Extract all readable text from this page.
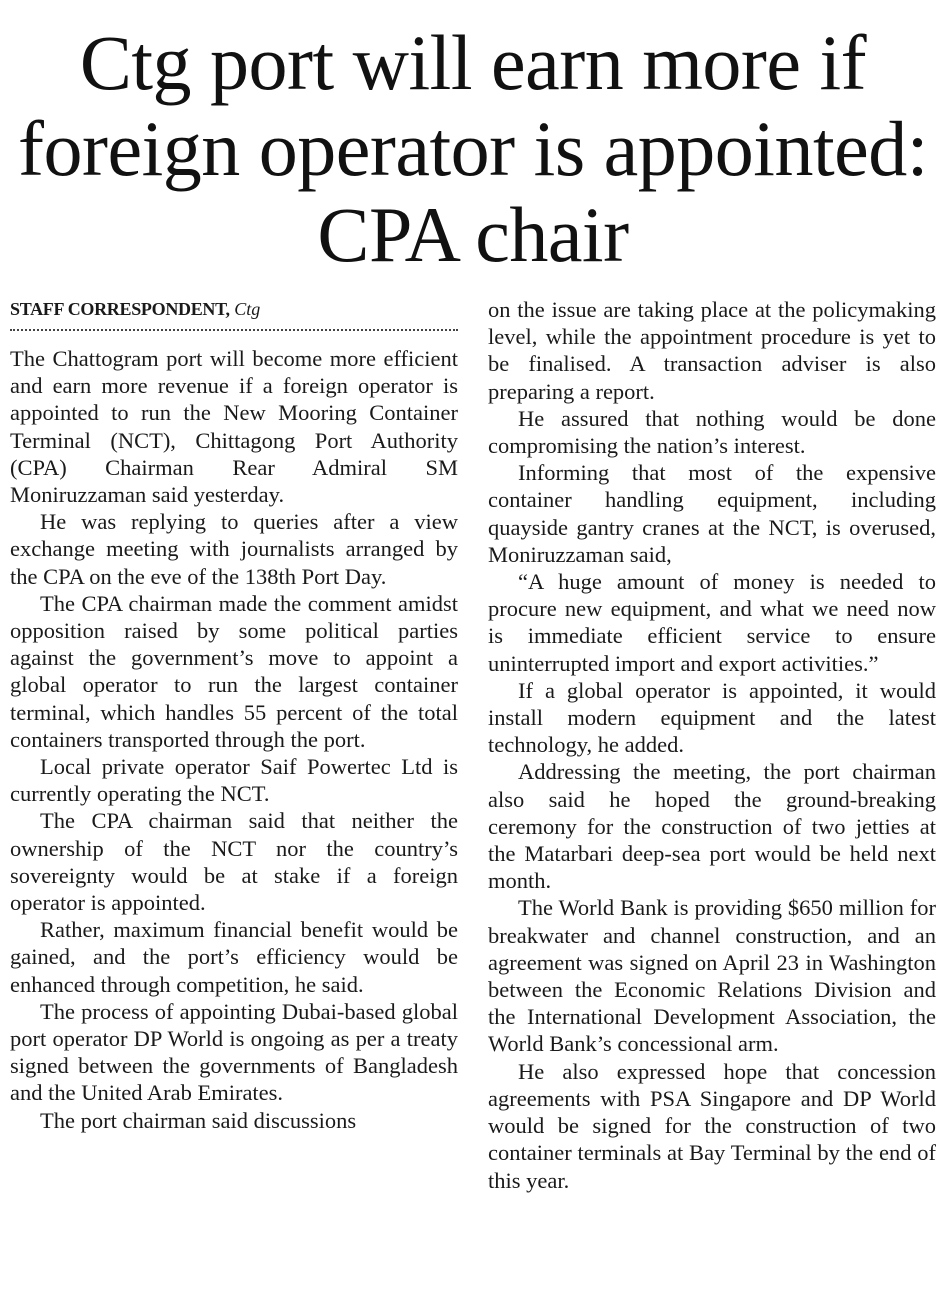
Ctg port will earn more if foreign operator is appointed: CPA chair
STAFF CORRESPONDENT, Ctg

The Chattogram port will become more efficient and earn more revenue if a foreign operator is appointed to run the New Mooring Container Terminal (NCT), Chittagong Port Authority (CPA) Chairman Rear Admiral SM Moniruzzaman said yesterday.

He was replying to queries after a view exchange meeting with journalists arranged by the CPA on the eve of the 138th Port Day.

The CPA chairman made the comment amidst opposition raised by some political parties against the government’s move to appoint a global operator to run the largest container terminal, which handles 55 percent of the total containers transported through the port.

Local private operator Saif Powertec Ltd is currently operating the NCT.

The CPA chairman said that neither the ownership of the NCT nor the country’s sovereignty would be at stake if a foreign operator is appointed.

Rather, maximum financial benefit would be gained, and the port’s efficiency would be enhanced through competition, he said.

The process of appointing Dubai-based global port operator DP World is ongoing as per a treaty signed between the governments of Bangladesh and the United Arab Emirates.

The port chairman said discussions

on the issue are taking place at the policymaking level, while the appointment procedure is yet to be finalised. A transaction adviser is also preparing a report.

He assured that nothing would be done compromising the nation’s interest.

Informing that most of the expensive container handling equipment, including quayside gantry cranes at the NCT, is overused, Moniruzzaman said,

“A huge amount of money is needed to procure new equipment, and what we need now is immediate efficient service to ensure uninterrupted import and export activities.”

If a global operator is appointed, it would install modern equipment and the latest technology, he added.

Addressing the meeting, the port chairman also said he hoped the ground-breaking ceremony for the construction of two jetties at the Matarbari deep-sea port would be held next month.

The World Bank is providing $650 million for breakwater and channel construction, and an agreement was signed on April 23 in Washington between the Economic Relations Division and the International Development Association, the World Bank’s concessional arm.

He also expressed hope that concession agreements with PSA Singapore and DP World would be signed for the construction of two container terminals at Bay Terminal by the end of this year.
